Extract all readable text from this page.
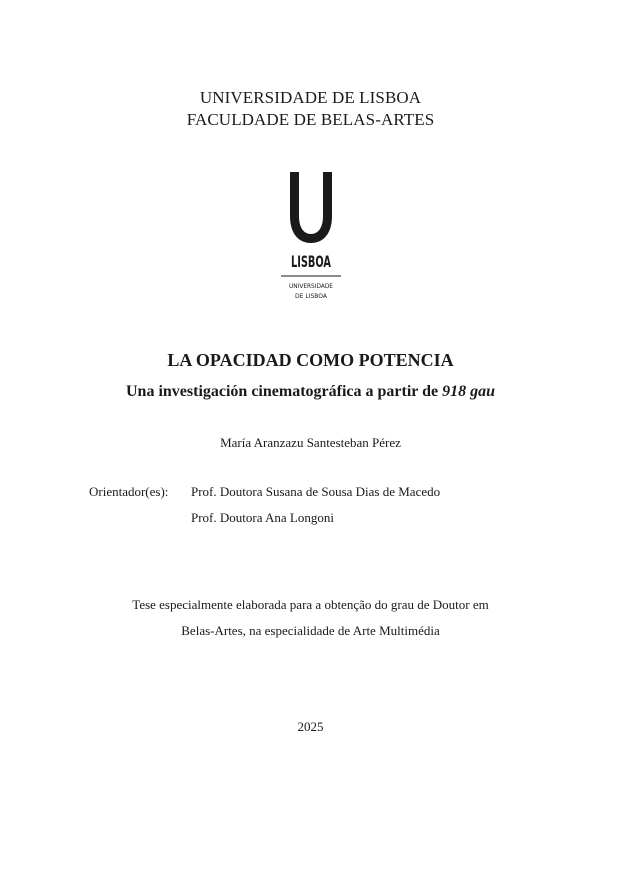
UNIVERSIDADE DE LISBOA
FACULDADE DE BELAS-ARTES
LISBOA
UNIVERSIDADE
DE LISBOA
LA OPACIDAD COMO POTENCIA
Una investigación cinematográfica a partir de 918 gau
María Aranzazu Santesteban Pérez
Orientador(es): Prof. Doutora Susana de Sousa Dias de Macedo
Prof. Doutora Ana Longoni
Tese especialmente elaborada para a obtenção do grau de Doutor em
Belas-Artes, na especialidade de Arte Multimédia
2025
